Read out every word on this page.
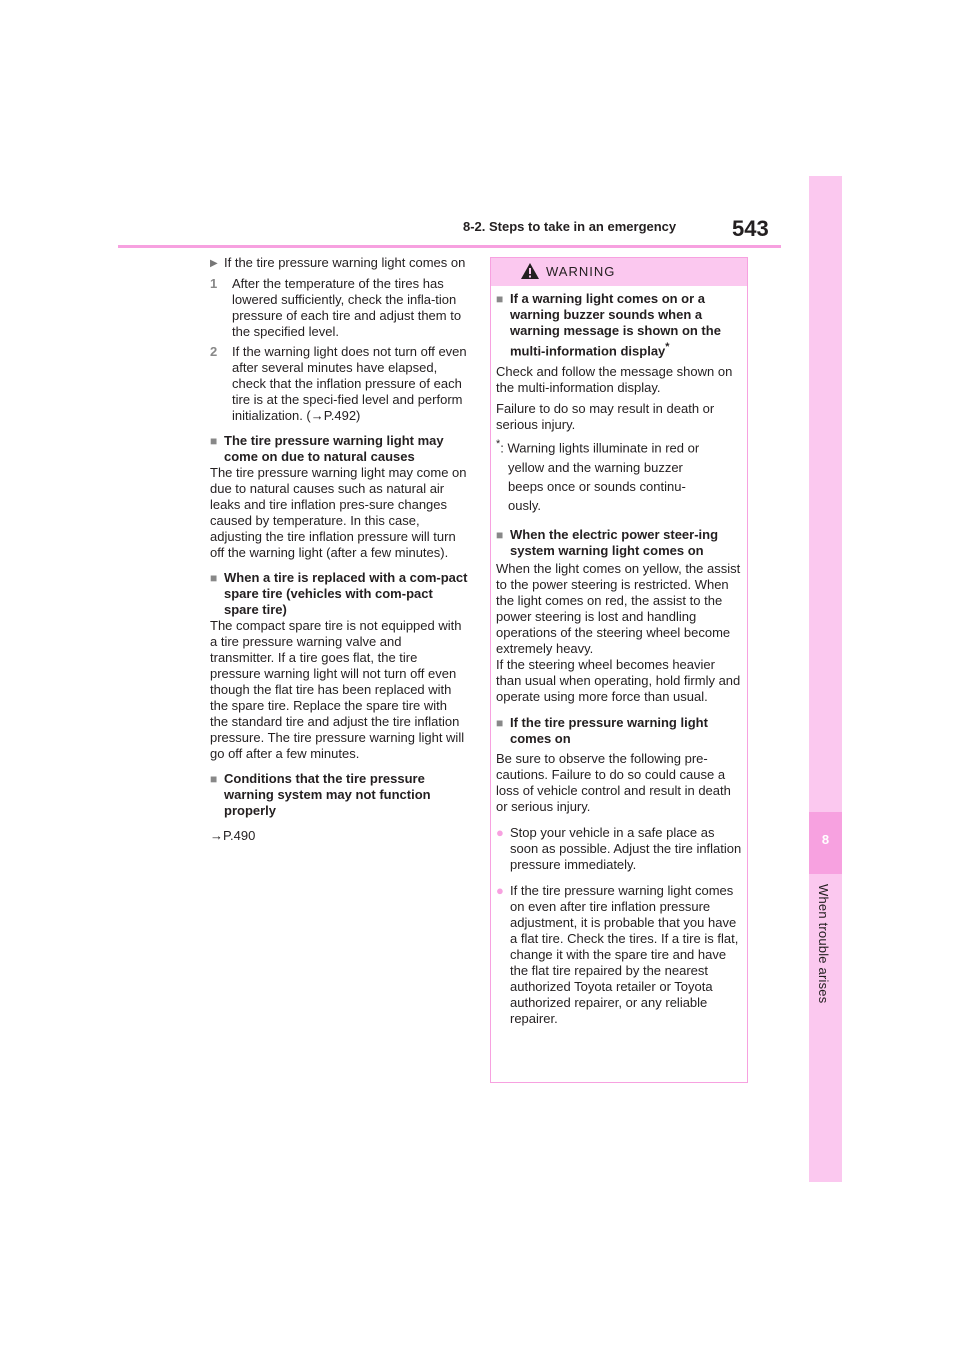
8
When trouble arises
8-2. Steps to take in an emergency	543
▶ If the tire pressure warning light comes on
1	After the temperature of the tires has lowered sufficiently, check the infla-tion pressure of each tire and adjust them to the specified level.
2	If the warning light does not turn off even after several minutes have elapsed, check that the inflation pressure of each tire is at the speci-fied level and perform initialization. (→P.492)
■ The tire pressure warning light may come on due to natural causes

The tire pressure warning light may come on due to natural causes such as natural air leaks and tire inflation pres-sure changes caused by temperature. In this case, adjusting the tire inflation pressure will turn off the warning light (after a few minutes).

■ When a tire is replaced with a com-pact spare tire (vehicles with com-pact spare tire)

The compact spare tire is not equipped with a tire pressure warning valve and transmitter. If a tire goes flat, the tire pressure warning light will not turn off even though the flat tire has been replaced with the spare tire. Replace the spare tire with the standard tire and adjust the tire inflation pressure. The tire pressure warning light will go off after a few minutes.

■ Conditions that the tire pressure warning system may not function properly

→P.490

WARNING
■ If a warning light comes on or a warning buzzer sounds when a warning message is shown on the multi-information display*

Check and follow the message shown on the multi-information display.

Failure to do so may result in death or serious injury.

*: Warning lights illuminate in red or
yellow and the warning buzzer
beeps once or sounds continu-
ously.
■ When the electric power steer-ing system warning light comes on

When the light comes on yellow, the assist to the power steering is restricted. When the light comes on red, the assist to the power steering is lost and handling operations of the steering wheel become extremely heavy.

If the steering wheel becomes heavier than usual when operating, hold firmly and operate using more force than usual.

■ If the tire pressure warning light comes on

Be sure to observe the following pre-cautions. Failure to do so could cause a loss of vehicle control and result in death or serious injury.

● Stop your vehicle in a safe place as soon as possible. Adjust the tire inflation pressure immediately.
● If the tire pressure warning light comes on even after tire inflation pressure adjustment, it is probable that you have a flat tire. Check the tires. If a tire is flat, change it with the spare tire and have the flat tire repaired by the nearest authorized Toyota retailer or Toyota authorized repairer, or any reliable repairer.
